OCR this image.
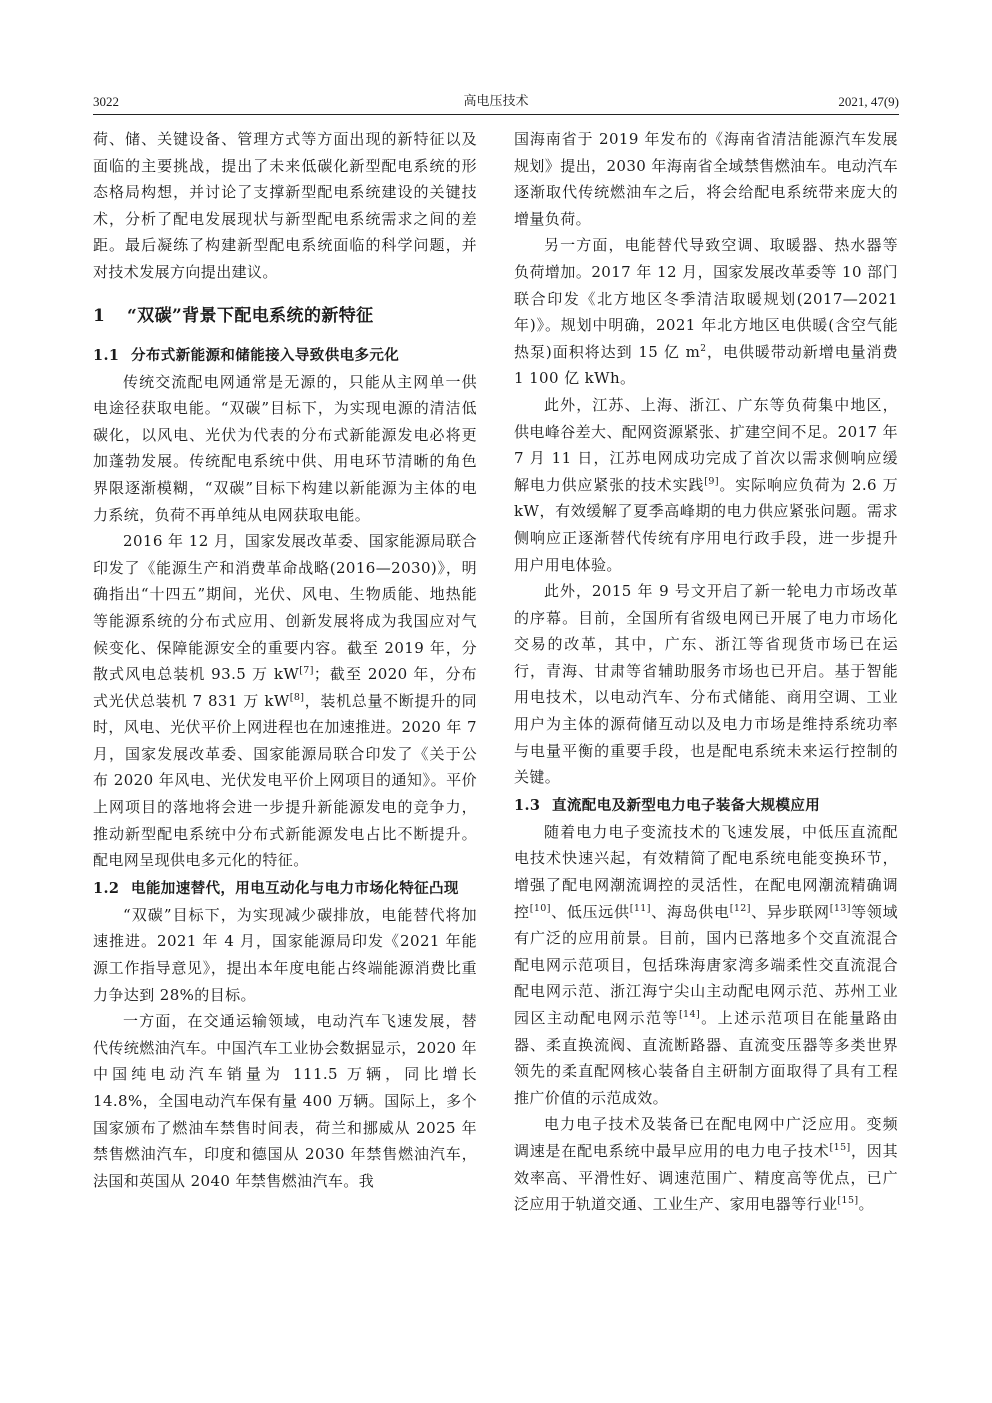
3022	高电压技术	2021, 47(9)

荷、储、关键设备、管理方式等方面出现的新特征以及面临的主要挑战，提出了未来低碳化新型配电系统的形态格局构想，并讨论了支撑新型配电系统建设的关键技术，分析了配电发展现状与新型配电系统需求之间的差距。最后凝练了构建新型配电系统面临的科学问题，并对技术发展方向提出建议。

1 “双碳”背景下配电系统的新特征
1.1 分布式新能源和储能接入导致供电多元化

传统交流配电网通常是无源的，只能从主网单一供电途径获取电能。“双碳”目标下，为实现电源的清洁低碳化，以风电、光伏为代表的分布式新能源发电必将更加蓬勃发展。传统配电系统中供、用电环节清晰的角色界限逐渐模糊，“双碳”目标下构建以新能源为主体的电力系统，负荷不再单纯从电网获取电能。

2016 年 12 月，国家发展改革委、国家能源局联合印发了《能源生产和消费革命战略(2016—2030)》，明确指出“十四五”期间，光伏、风电、生物质能、地热能等能源系统的分布式应用、创新发展将成为我国应对气候变化、保障能源安全的重要内容。截至 2019 年，分散式风电总装机 93.5 万 kW[7]；截至 2020 年，分布式光伏总装机 7 831 万 kW[8]，装机总量不断提升的同时，风电、光伏平价上网进程也在加速推进。2020 年 7 月，国家发展改革委、国家能源局联合印发了《关于公布 2020 年风电、光伏发电平价上网项目的通知》。平价上网项目的落地将会进一步提升新能源发电的竞争力，推动新型配电系统中分布式新能源发电占比不断提升。配电网呈现供电多元化的特征。

1.2 电能加速替代，用电互动化与电力市场化特征凸现

“双碳”目标下，为实现减少碳排放，电能替代将加速推进。2021 年 4 月，国家能源局印发《2021 年能源工作指导意见》，提出本年度电能占终端能源消费比重力争达到 28%的目标。

一方面，在交通运输领域，电动汽车飞速发展，替代传统燃油汽车。中国汽车工业协会数据显示，2020 年中国纯电动汽车销量为 111.5 万辆，同比增长 14.8%，全国电动汽车保有量 400 万辆。国际上，多个国家颁布了燃油车禁售时间表，荷兰和挪威从 2025 年禁售燃油汽车，印度和德国从 2030 年禁售燃油汽车，法国和英国从 2040 年禁售燃油汽车。我

国海南省于 2019 年发布的《海南省清洁能源汽车发展规划》提出，2030 年海南省全域禁售燃油车。电动汽车逐渐取代传统燃油车之后，将会给配电系统带来庞大的增量负荷。

另一方面，电能替代导致空调、取暖器、热水器等负荷增加。2017 年 12 月，国家发展改革委等 10 部门联合印发《北方地区冬季清洁取暖规划(2017—2021 年)》。规划中明确，2021 年北方地区电供暖(含空气能热泵)面积将达到 15 亿 $m^2$，电供暖带动新增电量消费 1 100 亿 kWh。

此外，江苏、上海、浙江、广东等负荷集中地区，供电峰谷差大、配网资源紧张、扩建空间不足。2017 年 7 月 11 日，江苏电网成功完成了首次以需求侧响应缓解电力供应紧张的技术实践[9]。实际响应负荷为 2.6 万 kW，有效缓解了夏季高峰期的电力供应紧张问题。需求侧响应正逐渐替代传统有序用电行政手段，进一步提升用户用电体验。

此外，2015 年 9 号文开启了新一轮电力市场改革的序幕。目前，全国所有省级电网已开展了电力市场化交易的改革，其中，广东、浙江等省现货市场已在运行，青海、甘肃等省辅助服务市场也已开启。基于智能用电技术，以电动汽车、分布式储能、商用空调、工业用户为主体的源荷储互动以及电力市场是维持系统功率与电量平衡的重要手段，也是配电系统未来运行控制的关键。

1.3 直流配电及新型电力电子装备大规模应用

随着电力电子变流技术的飞速发展，中低压直流配电技术快速兴起，有效精简了配电系统电能变换环节，增强了配电网潮流调控的灵活性，在配电网潮流精确调控[10]、低压远供[11]、海岛供电[12]、异步联网[13]等领域有广泛的应用前景。目前，国内已落地多个交直流混合配电网示范项目，包括珠海唐家湾多端柔性交直流混合配电网示范、浙江海宁尖山主动配电网示范、苏州工业园区主动配电网示范等[14]。上述示范项目在能量路由器、柔直换流阀、直流断路器、直流变压器等多类世界领先的柔直配网核心装备自主研制方面取得了具有工程推广价值的示范成效。

电力电子技术及装备已在配电网中广泛应用。变频调速是在配电系统中最早应用的电力电子技术[15]，因其效率高、平滑性好、调速范围广、精度高等优点，已广泛应用于轨道交通、工业生产、家用电器等行业[15]。
